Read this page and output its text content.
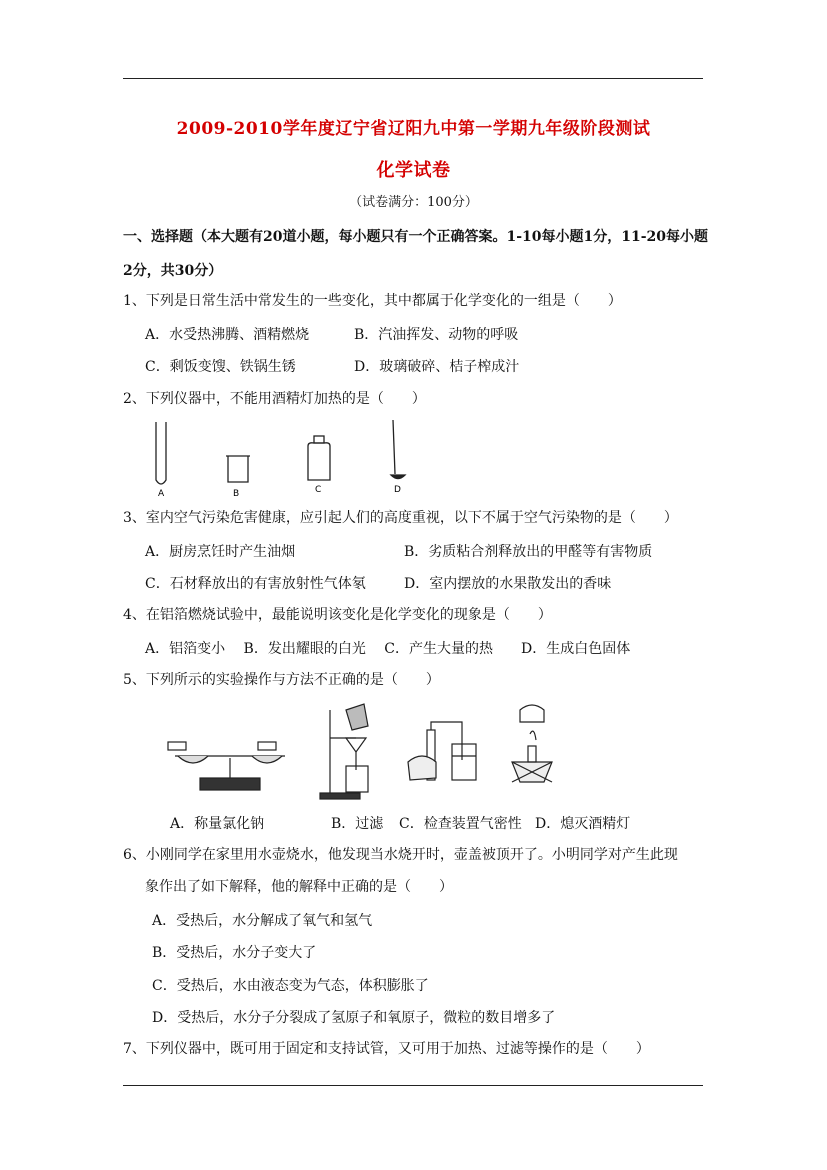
2009-2010学年度辽宁省辽阳九中第一学期九年级阶段测试
化学试卷
（试卷满分：100分）
一、选择题（本大题有20道小题，每小题只有一个正确答案。1-10每小题1分，11-20每小题
2分，共30分）
1、下列是日常生活中常发生的一些变化，其中都属于化学变化的一组是（　　）
A．水受热沸腾、酒精燃烧	B．汽油挥发、动物的呼吸
C．剩饭变馊、铁锅生锈	D．玻璃破碎、桔子榨成汁
2、下列仪器中，不能用酒精灯加热的是（　　）
A	B	C	D
3、室内空气污染危害健康，应引起人们的高度重视，以下不属于空气污染物的是（　　）
A．厨房烹饪时产生油烟	B．劣质粘合剂释放出的甲醛等有害物质
C．石材释放出的有害放射性气体氡	D．室内摆放的水果散发出的香味
4、在铝箔燃烧试验中，最能说明该变化是化学变化的现象是（　　）
A．铝箔变小　 B．发出耀眼的白光　 C．产生大量的热　　D．生成白色固体
5、下列所示的实验操作与方法不正确的是（　　）
A．称量氯化钠	B．过滤 C．检查装置气密性 D．熄灭酒精灯
6、小刚同学在家里用水壶烧水，他发现当水烧开时，壶盖被顶开了。小明同学对产生此现
象作出了如下解释，他的解释中正确的是（　　）
A．受热后，水分解成了氧气和氢气
B．受热后，水分子变大了
C．受热后，水由液态变为气态，体积膨胀了
D．受热后，水分子分裂成了氢原子和氧原子，微粒的数目增多了
7、下列仪器中，既可用于固定和支持试管，又可用于加热、过滤等操作的是（　　）
